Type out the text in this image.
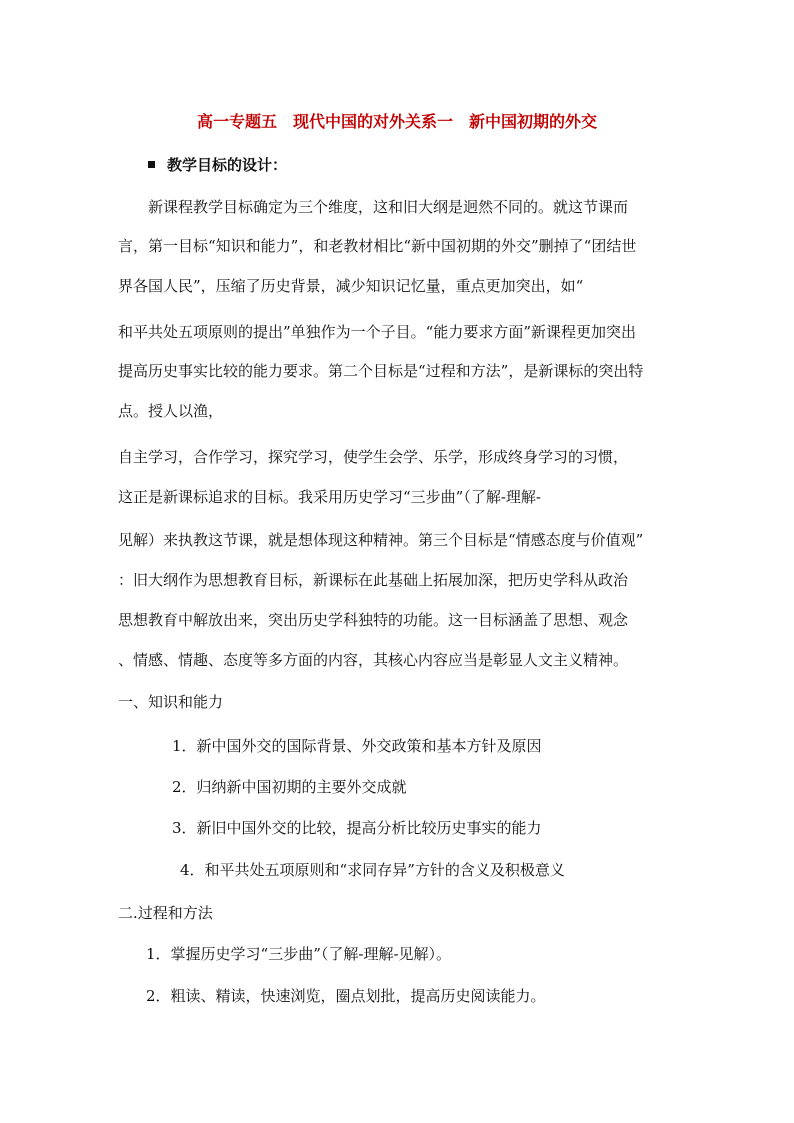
高一专题五　现代中国的对外关系一　新中国初期的外交
教学目标的设计：
新课程教学目标确定为三个维度，这和旧大纲是迥然不同的。就这节课而
言，第一目标“知识和能力”，和老教材相比“新中国初期的外交”删掉了“团结世
界各国人民”，压缩了历史背景，减少知识记忆量，重点更加突出，如“
和平共处五项原则的提出”单独作为一个子目。“能力要求方面”新课程更加突出
提高历史事实比较的能力要求。第二个目标是“过程和方法”，是新课标的突出特
点。授人以渔，
自主学习，合作学习，探究学习，使学生会学、乐学，形成终身学习的习惯，
这正是新课标追求的目标。我采用历史学习“三步曲”（了解-理解-
见解）来执教这节课，就是想体现这种精神。第三个目标是“情感态度与价值观”
：旧大纲作为思想教育目标，新课标在此基础上拓展加深，把历史学科从政治
思想教育中解放出来，突出历史学科独特的功能。这一目标涵盖了思想、观念
、情感、情趣、态度等多方面的内容，其核心内容应当是彰显人文主义精神。
一、知识和能力
1．新中国外交的国际背景、外交政策和基本方针及原因
2．归纳新中国初期的主要外交成就
3．新旧中国外交的比较，提高分析比较历史事实的能力
4．和平共处五项原则和“求同存异”方针的含义及积极意义
二.过程和方法
1．掌握历史学习“三步曲”（了解-理解-见解）。
2．粗读、精读，快速浏览，圈点划批，提高历史阅读能力。
